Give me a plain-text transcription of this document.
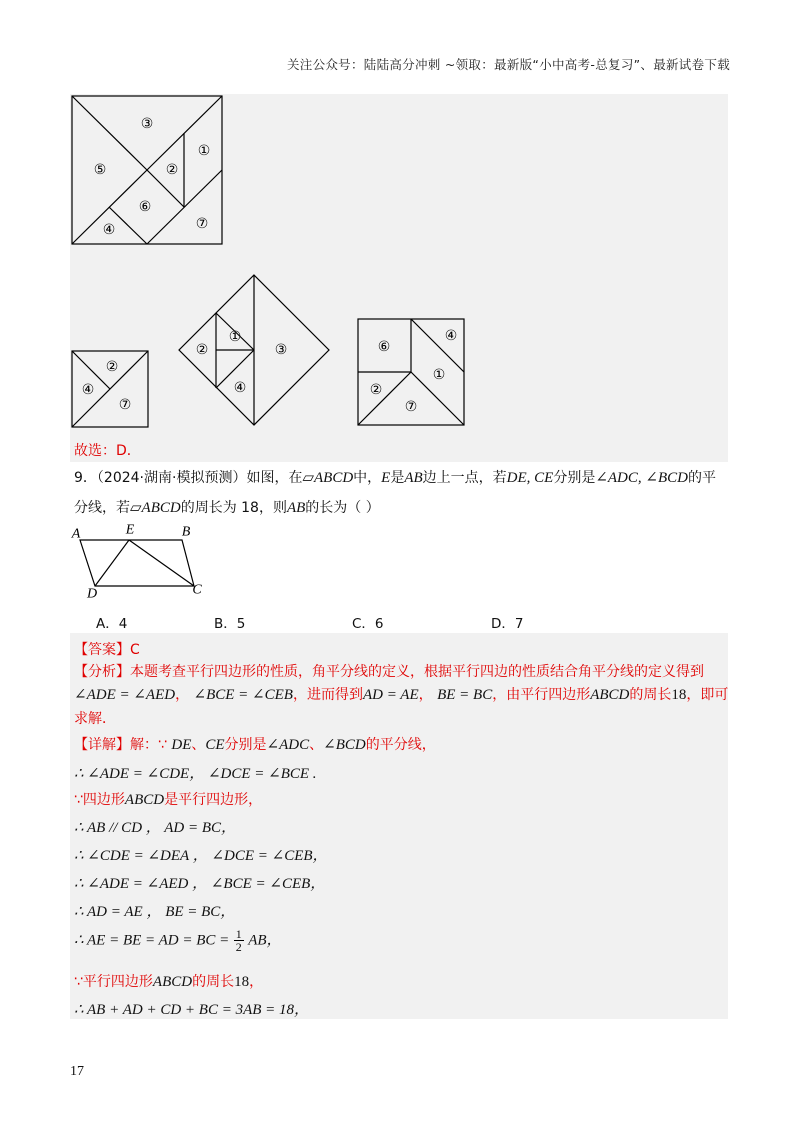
关注公众号：陆陆高分冲刺 ~领取：最新版“小中高考-总复习”、最新试卷下载
③
⑤	②
①
⑥
④	⑦
②
④
⑦
①
②	③
④
⑥
④
①
②
⑦
故选：D．
9．（2024·湖南·模拟预测）如图，在▱ABCD中，E是AB边上一点，若DE, CE分别是∠ADC, ∠BCD的平
分线，若▱ABCD的周长为 18，则AB的长为（ ）
A	E	B
D	C
A．4	B．5	C．6	D．7
【答案】C
【分析】本题考查平行四边形的性质，角平分线的定义，根据平行四边的性质结合角平分线的定义得到
∠ADE = ∠AED， ∠BCE = ∠CEB，进而得到AD = AE， BE = BC，由平行四边形ABCD的周长18，即可
求解．
【详解】解：∵ DE、CE分别是∠ADC、∠BCD的平分线，
∴ ∠ADE = ∠CDE， ∠DCE = ∠BCE .
∵四边形ABCD是平行四边形，
∴ AB // CD ， AD = BC，
∴ ∠CDE = ∠DEA ， ∠DCE = ∠CEB，
∴ ∠ADE = ∠AED ， ∠BCE = ∠CEB，
∴ AD = AE ， BE = BC，
∴ AE = BE = AD = BC = $\frac{1}{2}$ AB，
∵平行四边形ABCD的周长18，
∴ AB + AD + CD + BC = 3AB = 18，
17
